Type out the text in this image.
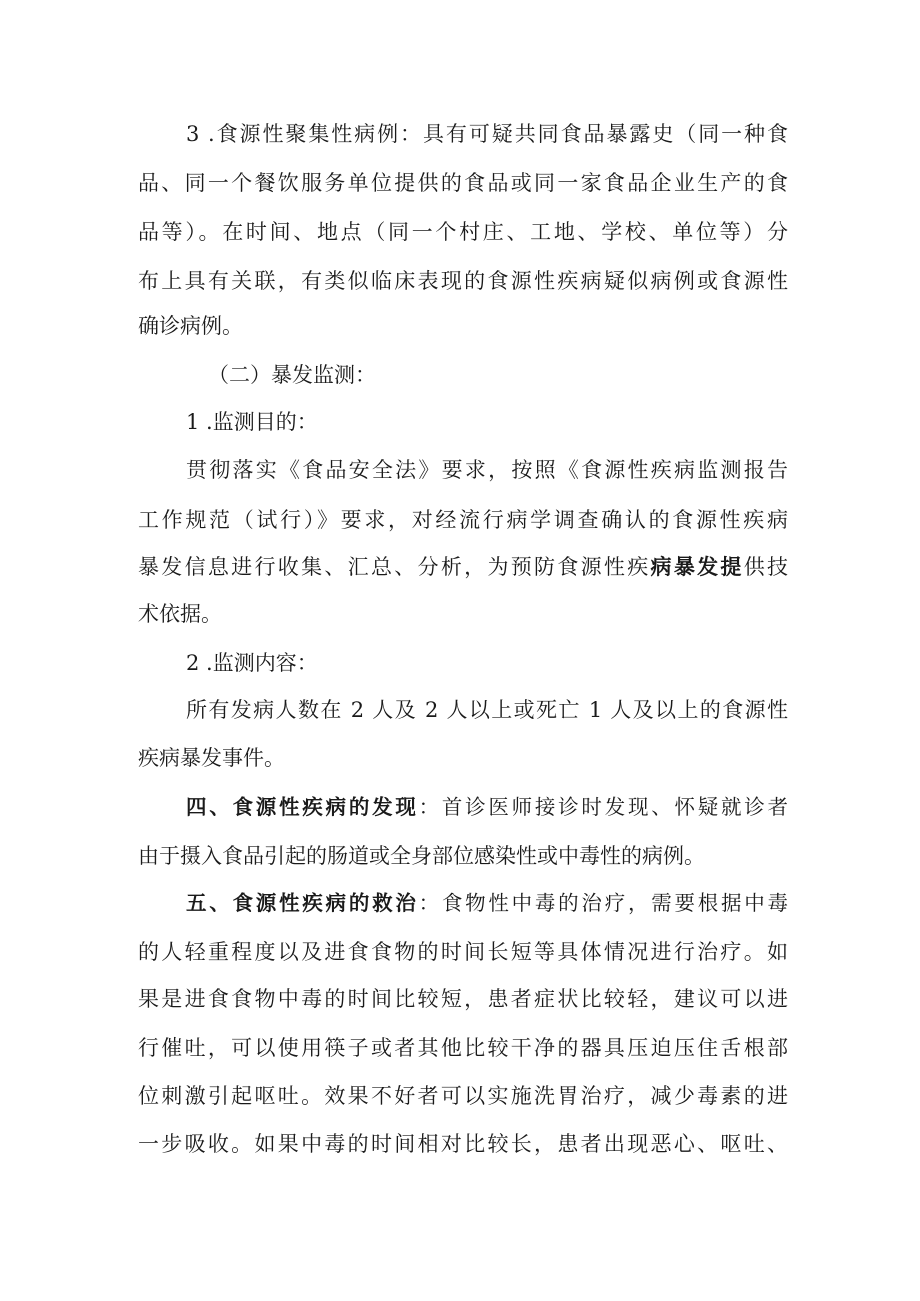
3 .食源性聚集性病例：具有可疑共同食品暴露史（同一种食
品、同一个餐饮服务单位提供的食品或同一家食品企业生产的食
品等）。在时间、地点（同一个村庄、工地、学校、单位等）分
布上具有关联，有类似临床表现的食源性疾病疑似病例或食源性
确诊病例。
（二）暴发监测：
1 .监测目的：
贯彻落实《食品安全法》要求，按照《食源性疾病监测报告
工作规范（试行）》要求，对经流行病学调查确认的食源性疾病
暴发信息进行收集、汇总、分析，为预防食源性疾病暴发提供技
术依据。
2 .监测内容：
所有发病人数在 2 人及 2 人以上或死亡 1 人及以上的食源性
疾病暴发事件。
四、食源性疾病的发现：首诊医师接诊时发现、怀疑就诊者
由于摄入食品引起的肠道或全身部位感染性或中毒性的病例。
五、食源性疾病的救治：食物性中毒的治疗，需要根据中毒
的人轻重程度以及进食食物的时间长短等具体情况进行治疗。如
果是进食食物中毒的时间比较短，患者症状比较轻，建议可以进
行催吐，可以使用筷子或者其他比较干净的器具压迫压住舌根部
位刺激引起呕吐。效果不好者可以实施洗胃治疗，减少毒素的进
一步吸收。如果中毒的时间相对比较长，患者出现恶心、呕吐、
